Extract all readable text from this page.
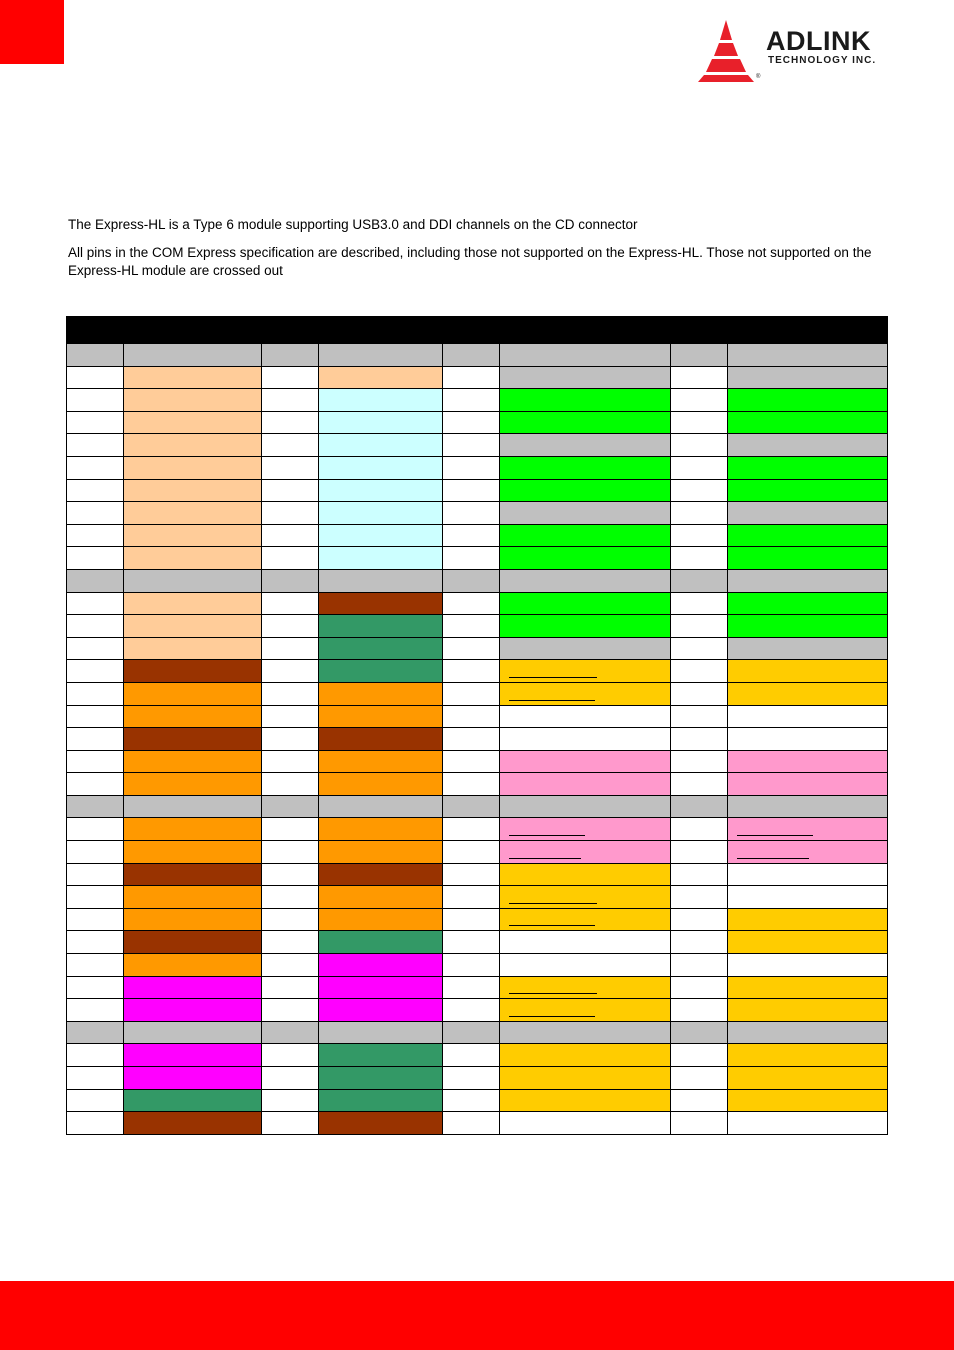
ADLINK
TECHNOLOGY INC.
®

The Express-HL is a Type 6 module supporting USB3.0 and DDI channels on the CD connector

All pins in the COM Express specification are described, including those not supported on the Express-HL. Those not supported on the Express-HL module are crossed out
